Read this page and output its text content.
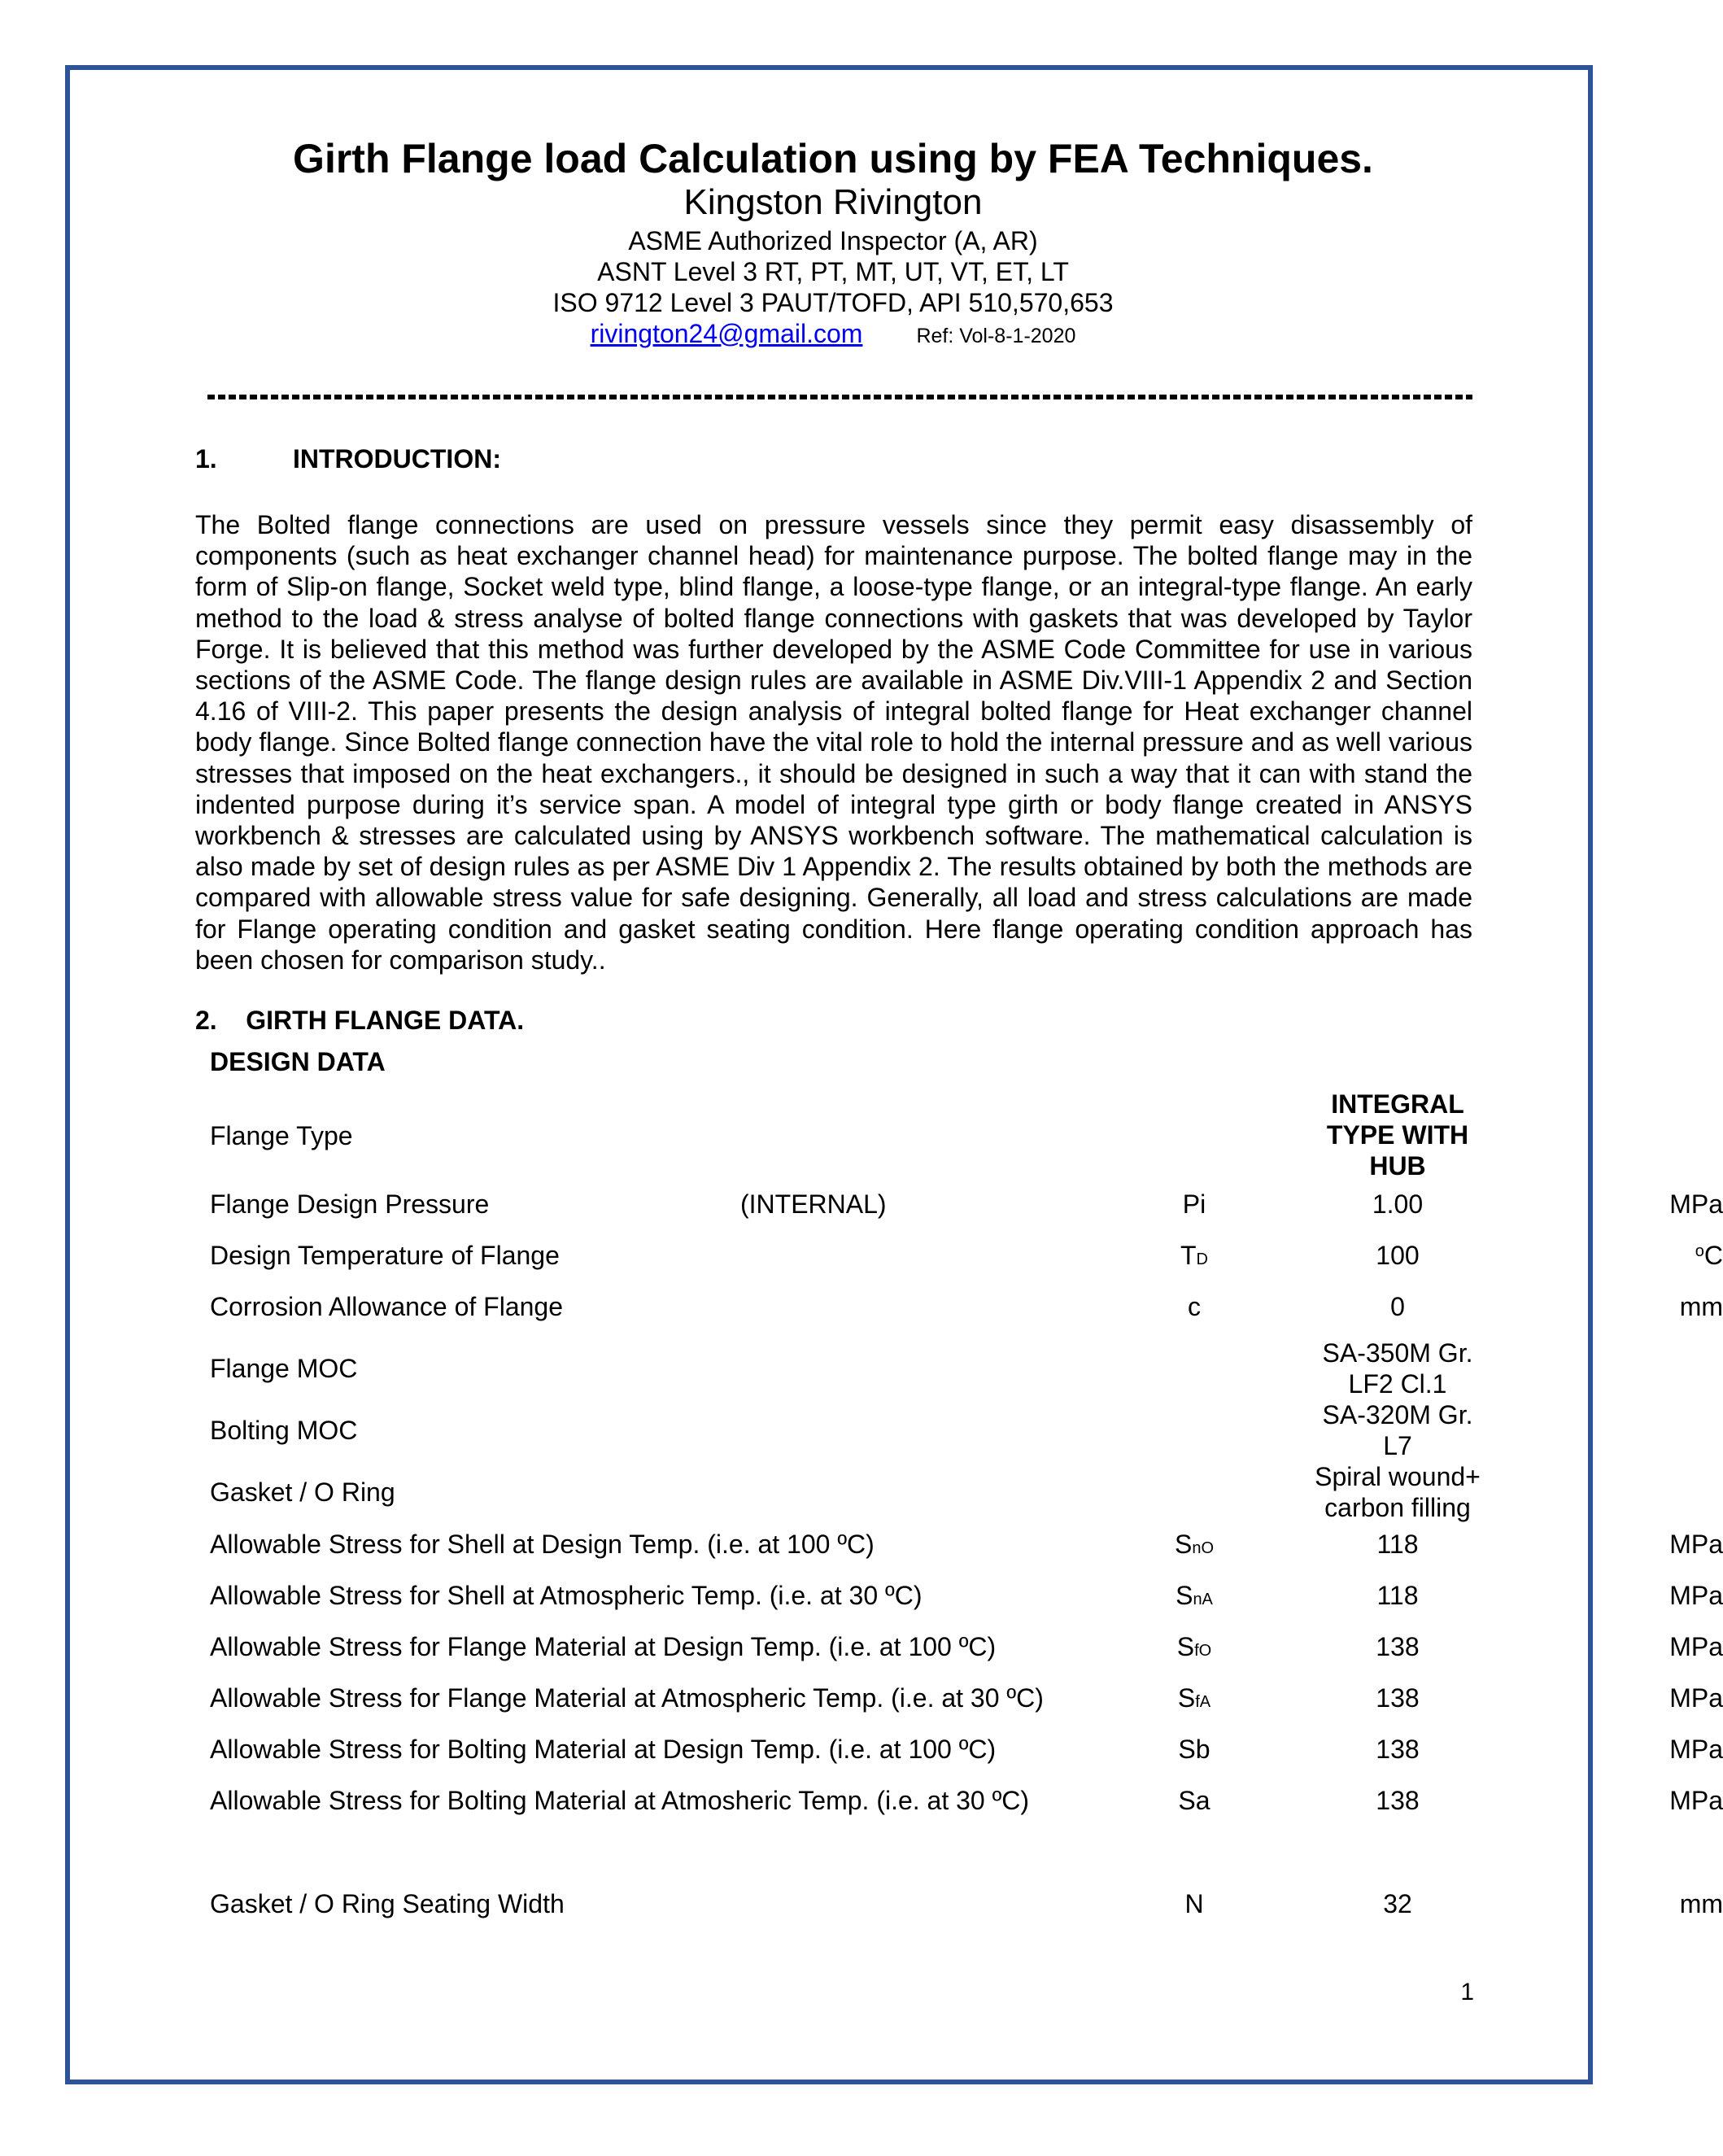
Girth Flange load Calculation using by FEA Techniques.
Kingston Rivington
ASME Authorized Inspector (A, AR)
ASNT Level 3 RT, PT, MT, UT, VT, ET, LT
ISO 9712 Level 3 PAUT/TOFD, API 510,570,653
rivington24@gmail.com	Ref: Vol-8-1-2020
1.	INTRODUCTION:
The Bolted flange connections are used on pressure vessels since they permit easy disassembly of components (such as heat exchanger channel head) for maintenance purpose. The bolted flange may in the form of Slip-on flange, Socket weld type, blind flange, a loose-type flange, or an integral-type flange. An early method to the load & stress analyse of bolted flange connections with gaskets that was developed by Taylor Forge. It is believed that this method was further developed by the ASME Code Committee for use in various sections of the ASME Code. The flange design rules are available in ASME Div.VIII-1 Appendix 2 and Section 4.16 of VIII-2. This paper presents the design analysis of integral bolted flange for Heat exchanger channel body flange. Since Bolted flange connection have the vital role to hold the internal pressure and as well various stresses that imposed on the heat exchangers., it should be designed in such a way that it can with stand the indented purpose during it’s service span. A model of integral type girth or body flange created in ANSYS workbench & stresses are calculated using by ANSYS workbench software. The mathematical calculation is also made by set of design rules as per ASME Div 1 Appendix 2. The results obtained by both the methods are compared with allowable stress value for safe designing. Generally, all load and stress calculations are made for Flange operating condition and gasket seating condition. Here flange operating condition approach has been chosen for comparison study..
2.    GIRTH FLANGE DATA.
DESIGN DATA
Flange Type
INTEGRAL
TYPE WITH
HUB
Flange Design Pressure	(INTERNAL)	Pi	1.00	MPa
Design Temperature of Flange	TD	100	$^o$C
Corrosion Allowance of Flange	c	0	mm
Flange MOC
SA-350M Gr.
LF2 Cl.1
Bolting MOC
SA-320M Gr.
L7
Gasket / O Ring
Spiral wound+
carbon filling
Allowable Stress for Shell at Design Temp. (i.e. at 100 ºC)	SnO	118	MPa
Allowable Stress for Shell at Atmospheric Temp. (i.e. at 30 ºC)	SnA	118	MPa
Allowable Stress for Flange Material at Design Temp. (i.e. at 100 ºC)	SfO	138	MPa
Allowable Stress for Flange Material at Atmospheric Temp. (i.e. at 30 ºC)	SfA	138	MPa
Allowable Stress for Bolting Material at Design Temp. (i.e. at 100 ºC)	Sb	138	MPa
Allowable Stress for Bolting Material at Atmosheric Temp. (i.e. at 30 ºC)	Sa	138	MPa
Gasket / O Ring Seating Width	N	32	mm
1
